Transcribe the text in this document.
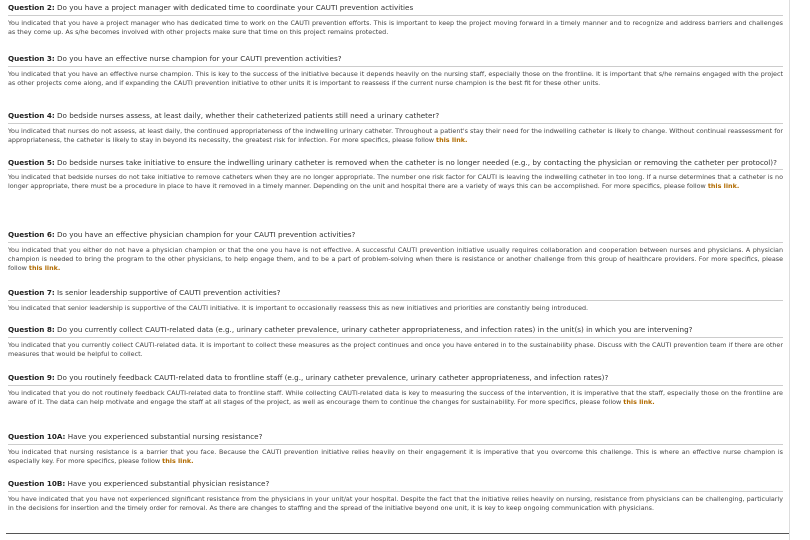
Question 2: Do you have a project manager with dedicated time to coordinate your CAUTI prevention activities
You indicated that you have a project manager who has dedicated time to work on the CAUTI prevention efforts. This is important to keep the project moving forward in a timely manner and to recognize and address barriers and challenges as they come up. As s/he becomes involved with other projects make sure that time on this project remains protected.
Question 3: Do you have an effective nurse champion for your CAUTI prevention activities?
You indicated that you have an effective nurse champion. This is key to the success of the initiative because it depends heavily on the nursing staff, especially those on the frontline. It is important that s/he remains engaged with the project as other projects come along, and if expanding the CAUTI prevention initiative to other units it is important to reassess if the current nurse champion is the best fit for these other units.
Question 4: Do bedside nurses assess, at least daily, whether their catheterized patients still need a urinary catheter?
You indicated that nurses do not assess, at least daily, the continued appropriateness of the indwelling urinary catheter. Throughout a patient's stay their need for the indwelling catheter is likely to change. Without continual reassessment for appropriateness, the catheter is likely to stay in beyond its necessity, the greatest risk for infection. For more specifics, please follow this link.
Question 5: Do bedside nurses take initiative to ensure the indwelling urinary catheter is removed when the catheter is no longer needed (e.g., by contacting the physician or removing the catheter per protocol)?
You indicated that bedside nurses do not take initiative to remove catheters when they are no longer appropriate. The number one risk factor for CAUTI is leaving the indwelling catheter in too long. If a nurse determines that a catheter is no longer appropriate, there must be a procedure in place to have it removed in a timely manner. Depending on the unit and hospital there are a variety of ways this can be accomplished. For more specifics, please follow this link.
Question 6: Do you have an effective physician champion for your CAUTI prevention activities?
You indicated that you either do not have a physician champion or that the one you have is not effective. A successful CAUTI prevention initiative usually requires collaboration and cooperation between nurses and physicians. A physician champion is needed to bring the program to the other physicians, to help engage them, and to be a part of problem-solving when there is resistance or another challenge from this group of healthcare providers. For more specifics, please follow this link.
Question 7: Is senior leadership supportive of CAUTI prevention activities?
You indicated that senior leadership is supportive of the CAUTI initiative. It is important to occasionally reassess this as new initiatives and priorities are constantly being introduced.
Question 8: Do you currently collect CAUTI-related data (e.g., urinary catheter prevalence, urinary catheter appropriateness, and infection rates) in the unit(s) in which you are intervening?
You indicated that you currently collect CAUTI-related data. It is important to collect these measures as the project continues and once you have entered in to the sustainability phase. Discuss with the CAUTI prevention team if there are other measures that would be helpful to collect.
Question 9: Do you routinely feedback CAUTI-related data to frontline staff (e.g., urinary catheter prevalence, urinary catheter appropriateness, and infection rates)?
You indicated that you do not routinely feedback CAUTI-related data to frontline staff. While collecting CAUTI-related data is key to measuring the success of the intervention, it is imperative that the staff, especially those on the frontline are aware of it. The data can help motivate and engage the staff at all stages of the project, as well as encourage them to continue the changes for sustainability. For more specifics, please follow this link.
Question 10A: Have you experienced substantial nursing resistance?
You indicated that nursing resistance is a barrier that you face. Because the CAUTI prevention initiative relies heavily on their engagement it is imperative that you overcome this challenge. This is where an effective nurse champion is especially key. For more specifics, please follow this link.
Question 10B: Have you experienced substantial physician resistance?
You have indicated that you have not experienced significant resistance from the physicians in your unit/at your hospital. Despite the fact that the initiative relies heavily on nursing, resistance from physicians can be challenging, particularly in the decisions for insertion and the timely order for removal. As there are changes to staffing and the spread of the initiative beyond one unit, it is key to keep ongoing communication with physicians.
